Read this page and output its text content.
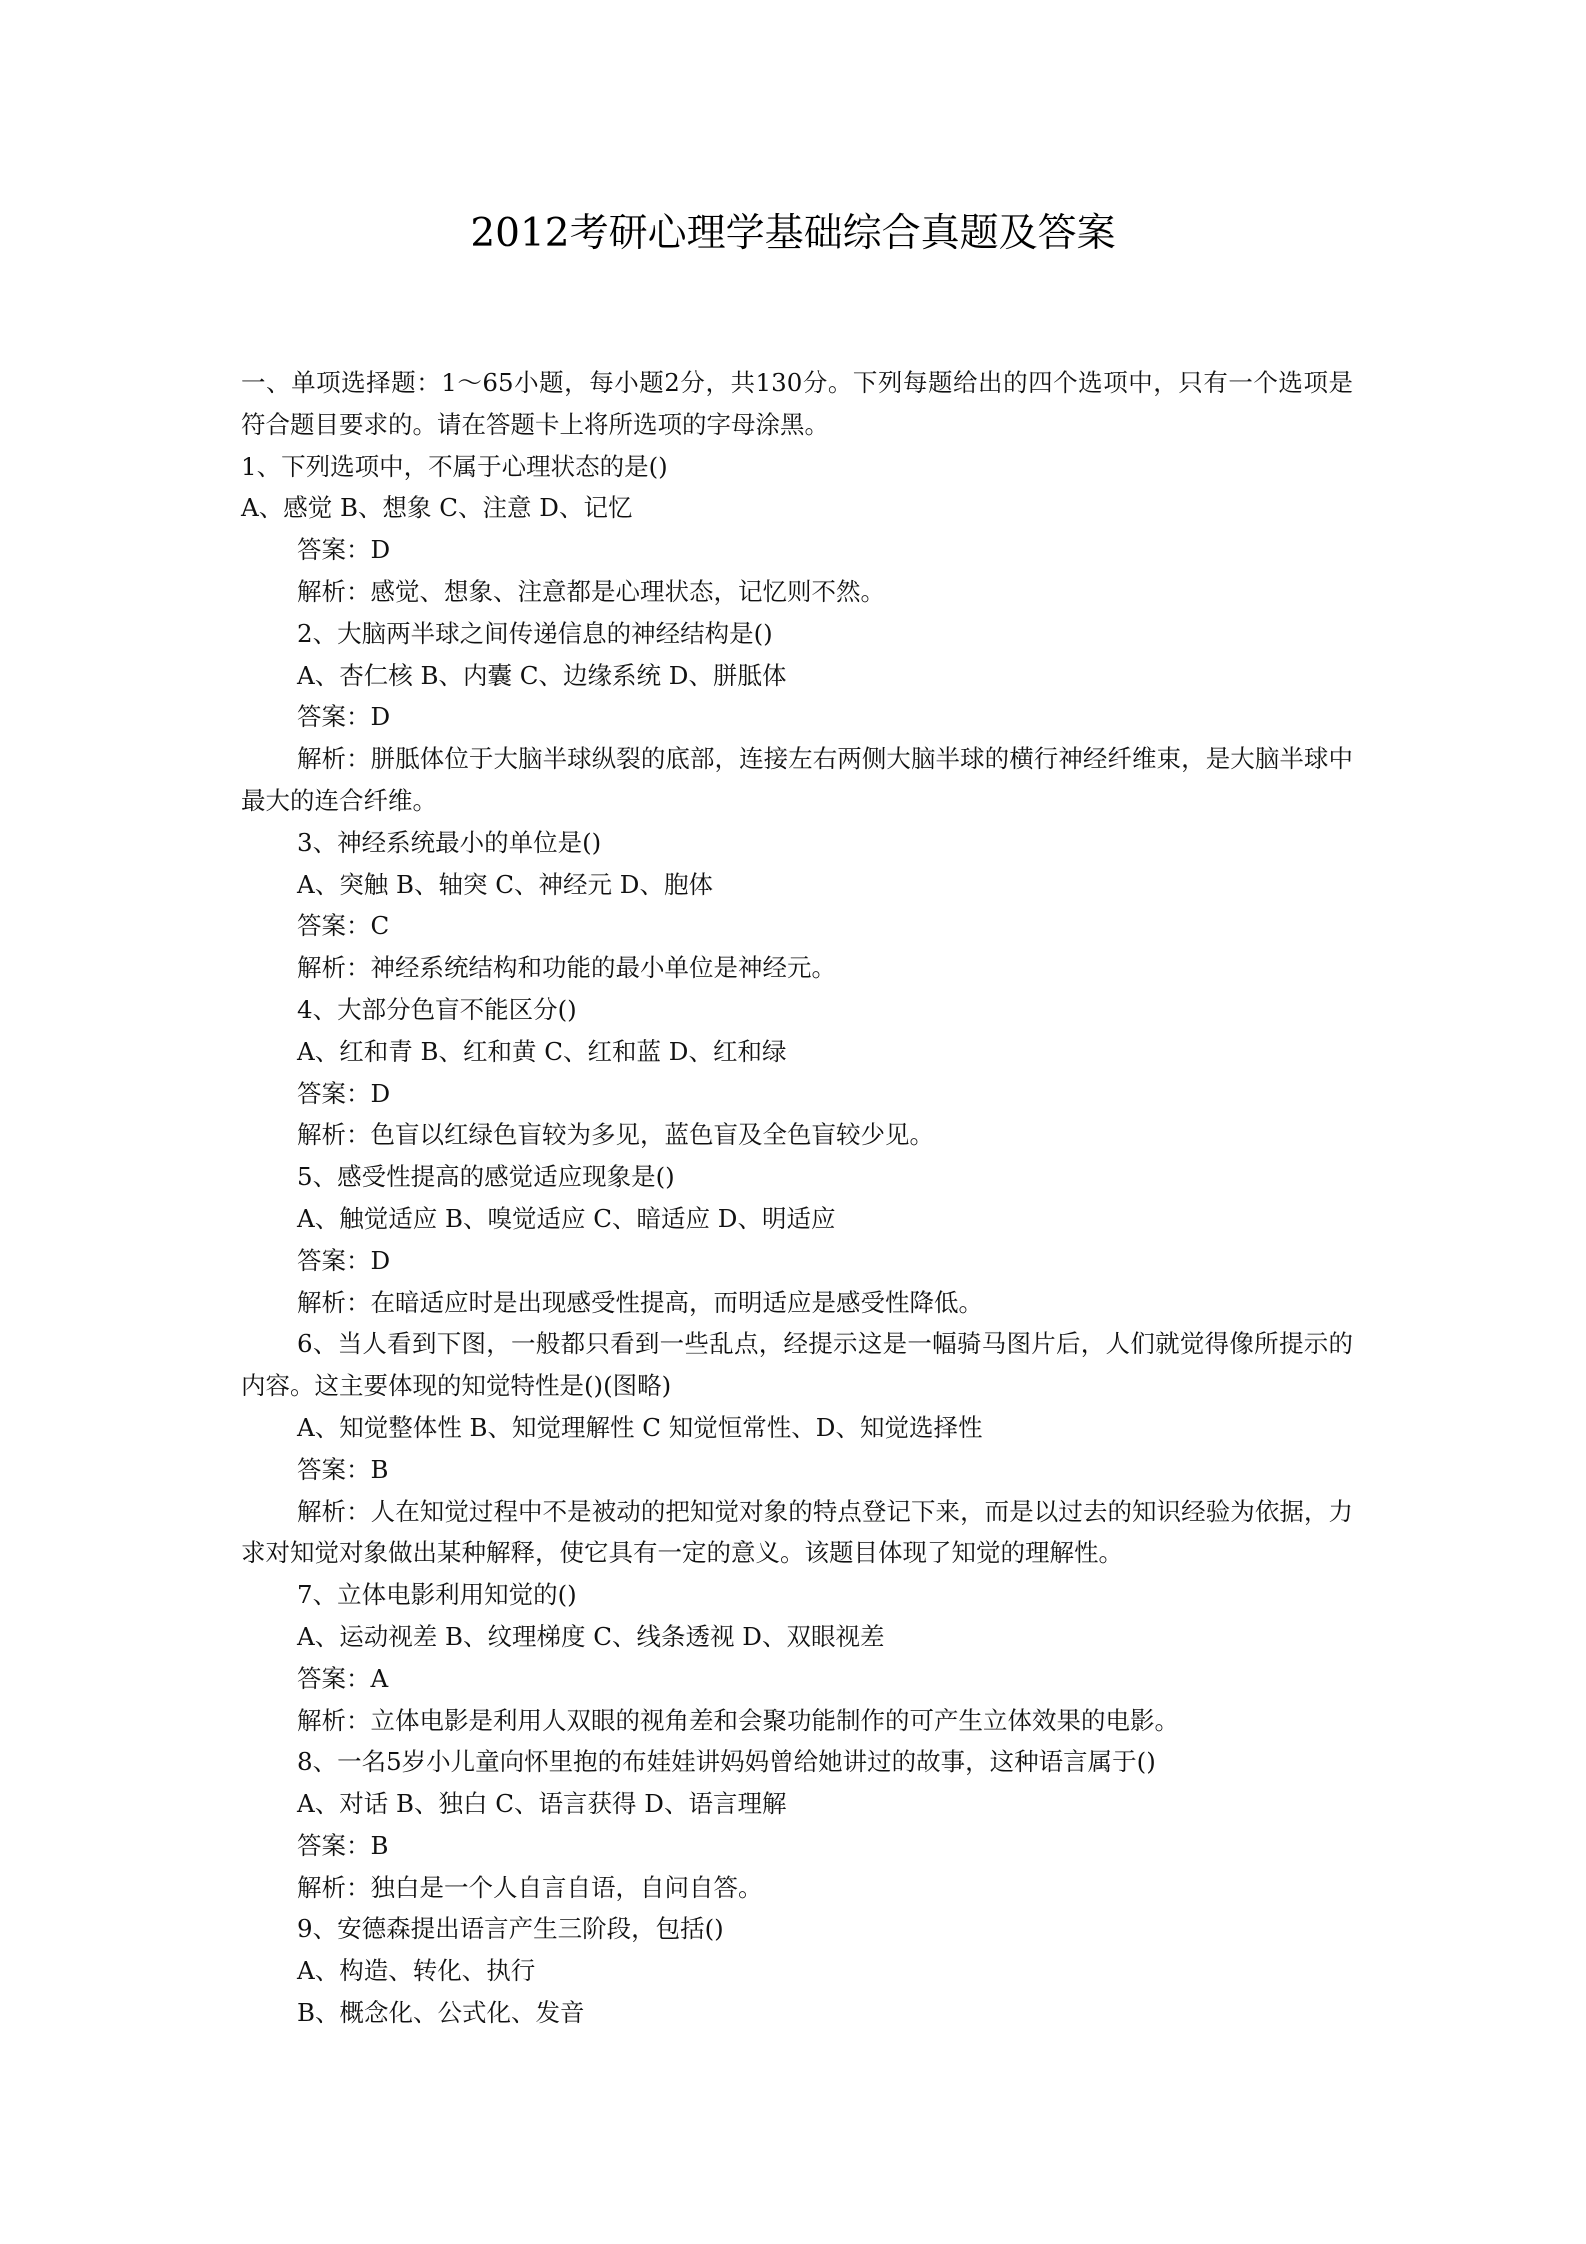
2012考研心理学基础综合真题及答案

一、单项选择题：1～65小题，每小题2分，共130分。下列每题给出的四个选项中，只有一个选项是符合题目要求的。请在答题卡上将所选项的字母涂黑。

1、下列选项中，不属于心理状态的是()

A、感觉 B、想象 C、注意 D、记忆

答案：D

解析：感觉、想象、注意都是心理状态，记忆则不然。

2、大脑两半球之间传递信息的神经结构是()

A、杏仁核 B、内囊 C、边缘系统 D、胼胝体

答案：D

解析：胼胝体位于大脑半球纵裂的底部，连接左右两侧大脑半球的横行神经纤维束，是大脑半球中最大的连合纤维。

3、神经系统最小的单位是()

A、突触 B、轴突 C、神经元 D、胞体

答案：C

解析：神经系统结构和功能的最小单位是神经元。

4、大部分色盲不能区分()

A、红和青 B、红和黄 C、红和蓝 D、红和绿

答案：D

解析：色盲以红绿色盲较为多见，蓝色盲及全色盲较少见。

5、感受性提高的感觉适应现象是()

A、触觉适应 B、嗅觉适应 C、暗适应 D、明适应

答案：D

解析：在暗适应时是出现感受性提高，而明适应是感受性降低。

6、当人看到下图，一般都只看到一些乱点，经提示这是一幅骑马图片后，人们就觉得像所提示的内容。这主要体现的知觉特性是()(图略)

A、知觉整体性 B、知觉理解性 C 知觉恒常性、D、知觉选择性

答案：B

解析：人在知觉过程中不是被动的把知觉对象的特点登记下来，而是以过去的知识经验为依据，力求对知觉对象做出某种解释，使它具有一定的意义。该题目体现了知觉的理解性。

7、立体电影利用知觉的()

A、运动视差 B、纹理梯度 C、线条透视 D、双眼视差

答案：A

解析：立体电影是利用人双眼的视角差和会聚功能制作的可产生立体效果的电影。

8、一名5岁小儿童向怀里抱的布娃娃讲妈妈曾给她讲过的故事，这种语言属于()

A、对话 B、独白 C、语言获得 D、语言理解

答案：B

解析：独白是一个人自言自语，自问自答。

9、安德森提出语言产生三阶段，包括()

A、构造、转化、执行

B、概念化、公式化、发音
